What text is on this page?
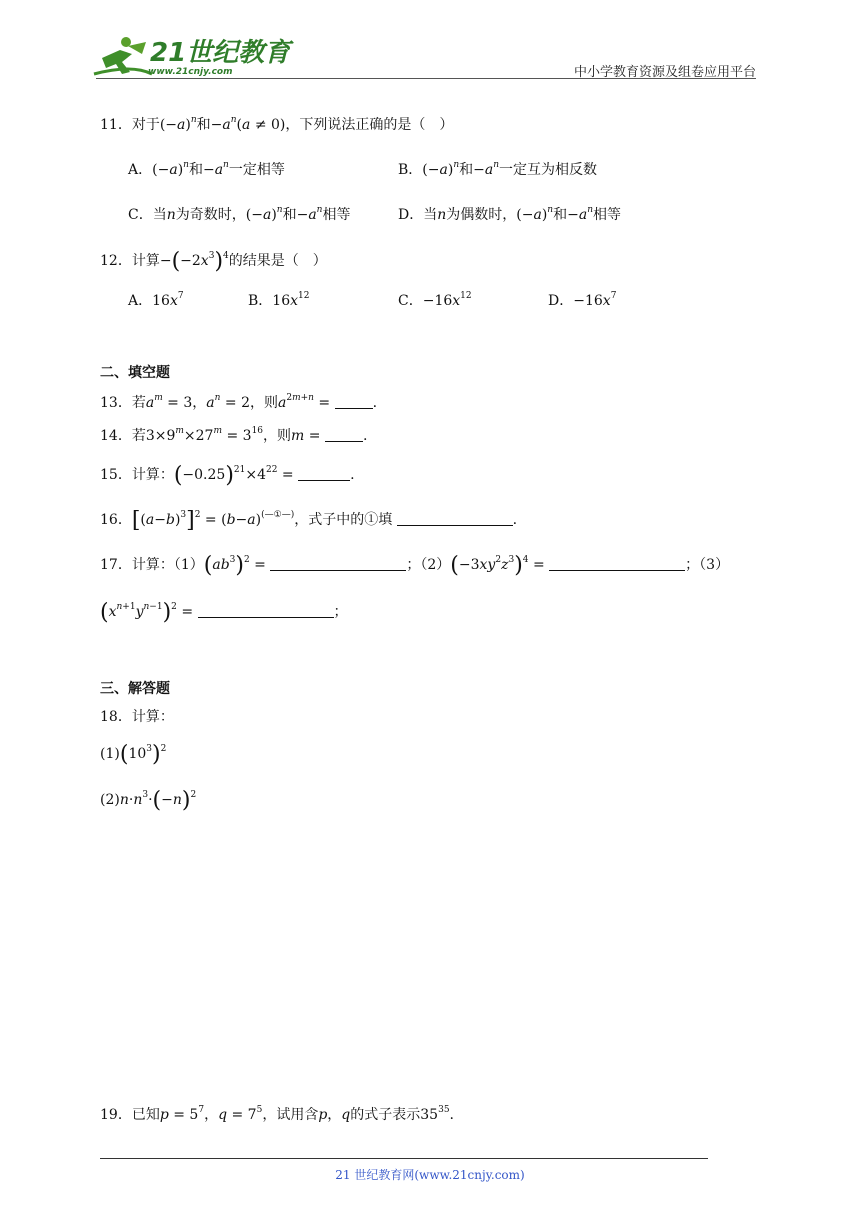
21世纪教育
www.21cnjy.com	中小学教育资源及组卷应用平台
11．对于$(-a)^n$和$-a^n(a \ne 0)$，下列说法正确的是（　）
A．$(-a)^n$和$-a^n$一定相等	B．$(-a)^n$和$-a^n$一定互为相反数
C．当n为奇数时，$(-a)^n$和$-a^n$相等	D．当n为偶数时，$(-a)^n$和$-a^n$相等
12．计算$-(-2x^3)^4$的结果是（　）
A．$16x^7$	B．$16x^{12}$	C．$-16x^{12}$	D．$-16x^7$
二、填空题
13．若$a^m = 3$，$a^n = 2$，则$a^{2m+n}$ =	.
14．若$3\times 9^m\times 27^m = 3^{16}$，则m =	.
15．计算：$(-0.25)^{21}\times 4^{22}$ =	.
16．$[(a-b)^3]^2 = (b-a)^{(—①—)}$，式子中的①填	.
17．计算：$(1)(ab^3)^2$ =	；$(2)(-3xy^2z^3)^4$ =	；（3）
$(x^{n+1}y^{n-1})^2$ =	；
三、解答题
18．计算：
$(1)(10^3)^2$
$(2)n\cdot n^3\cdot(-n)^2$
19．已知$p = 5^7$，$q = 7^5$，试用含p，q的式子表示$35^{35}$.
21 世纪教育网(www.21cnjy.com)
